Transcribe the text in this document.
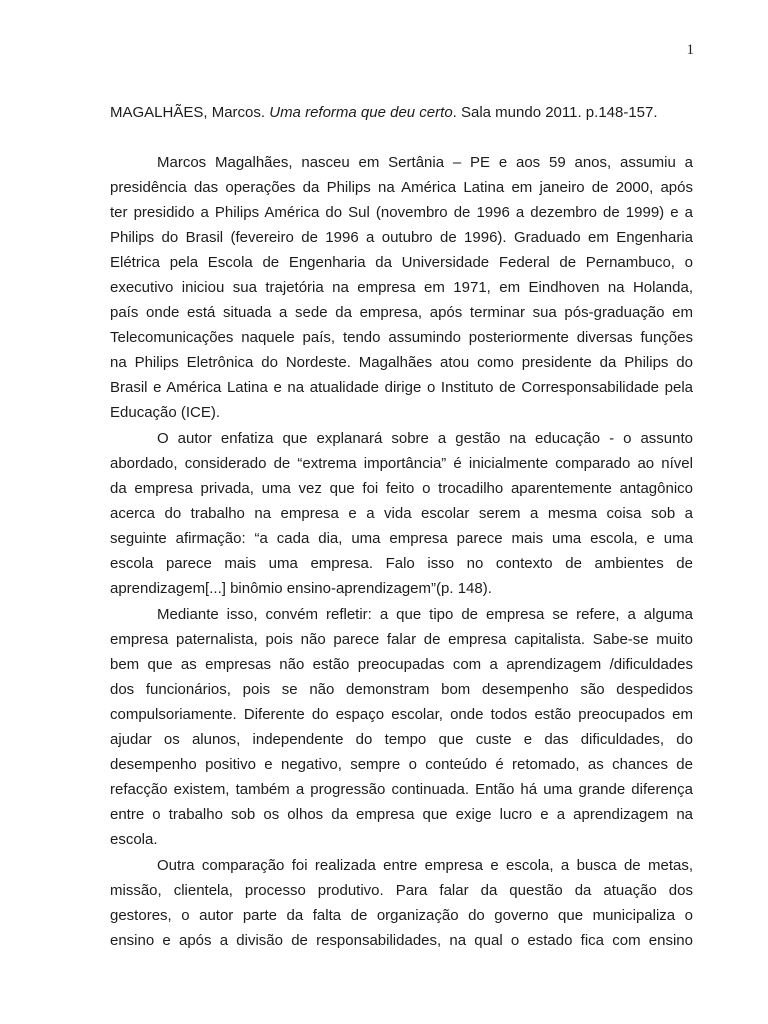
1
MAGALHÃES, Marcos. Uma reforma que deu certo. Sala mundo 2011. p.148-157.
Marcos Magalhães, nasceu em Sertânia – PE e aos 59 anos, assumiu a
presidência das operações da Philips na América Latina em janeiro de 2000, após
ter presidido a Philips América do Sul (novembro de 1996 a dezembro de 1999) e a
Philips do Brasil (fevereiro de 1996 a outubro de 1996). Graduado em Engenharia
Elétrica pela Escola de Engenharia da Universidade Federal de Pernambuco, o
executivo iniciou sua trajetória na empresa em 1971, em Eindhoven na Holanda,
país onde está situada a sede da empresa, após terminar sua pós-graduação em
Telecomunicações naquele país, tendo assumindo posteriormente diversas funções
na Philips Eletrônica do Nordeste. Magalhães atou como presidente da Philips do
Brasil e América Latina e na atualidade dirige o Instituto de Corresponsabilidade pela
Educação (ICE).
O autor enfatiza que explanará sobre a gestão na educação - o assunto
abordado, considerado de “extrema importância” é inicialmente comparado ao nível
da empresa privada, uma vez que foi feito o trocadilho aparentemente antagônico
acerca do trabalho na empresa e a vida escolar serem a mesma coisa sob a
seguinte afirmação: “a cada dia, uma empresa parece mais uma escola, e uma
escola parece mais uma empresa. Falo isso no contexto de ambientes de
aprendizagem[...] binômio ensino-aprendizagem”(p. 148).
Mediante isso, convém refletir: a que tipo de empresa se refere, a alguma
empresa paternalista, pois não parece falar de empresa capitalista. Sabe-se muito
bem que as empresas não estão preocupadas com a aprendizagem /dificuldades
dos funcionários, pois se não demonstram bom desempenho são despedidos
compulsoriamente. Diferente do espaço escolar, onde todos estão preocupados em
ajudar os alunos, independente do tempo que custe e das dificuldades, do
desempenho positivo e negativo, sempre o conteúdo é retomado, as chances de
refacção existem, também a progressão continuada. Então há uma grande diferença
entre o trabalho sob os olhos da empresa que exige lucro e a aprendizagem na
escola.
Outra comparação foi realizada entre empresa e escola, a busca de metas,
missão, clientela, processo produtivo. Para falar da questão da atuação dos
gestores, o autor parte da falta de organização do governo que municipaliza o
ensino e após a divisão de responsabilidades, na qual o estado fica com ensino
